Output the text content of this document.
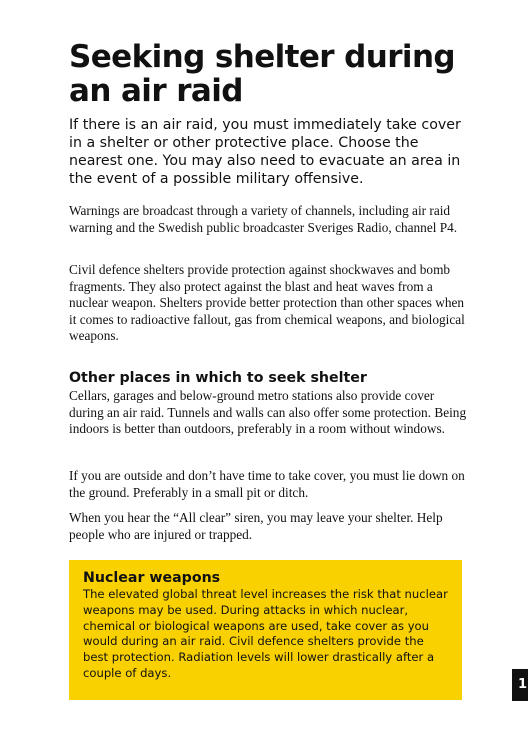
Seeking shelter during an air raid

If there is an air raid, you must immediately take cover in a shelter or other protective place. Choose the nearest one. You may also need to evacuate an area in the event of a possible military offensive.

Warnings are broadcast through a variety of channels, including air raid warning and the Swedish public broadcaster Sveriges Radio, channel P4.

Civil defence shelters provide protection against shockwaves and bomb fragments. They also protect against the blast and heat waves from a nuclear weapon. Shelters provide better protection than other spaces when it comes to radioactive fallout, gas from chemical weapons, and biological weapons.

Other places in which to seek shelter

Cellars, garages and below-ground metro stations also provide cover during an air raid. Tunnels and walls can also offer some protection. Being indoors is better than outdoors, preferably in a room without windows.

If you are outside and don’t have time to take cover, you must lie down on the ground. Preferably in a small pit or ditch.

When you hear the “All clear” siren, you may leave your shelter. Help people who are injured or trapped.

Nuclear weapons

The elevated global threat level increases the risk that nuclear weapons may be used. During attacks in which nuclear, chemical or biological weapons are used, take cover as you would during an air raid. Civil defence shelters provide the best protection. Radiation levels will lower drastically after a couple of days.

1
